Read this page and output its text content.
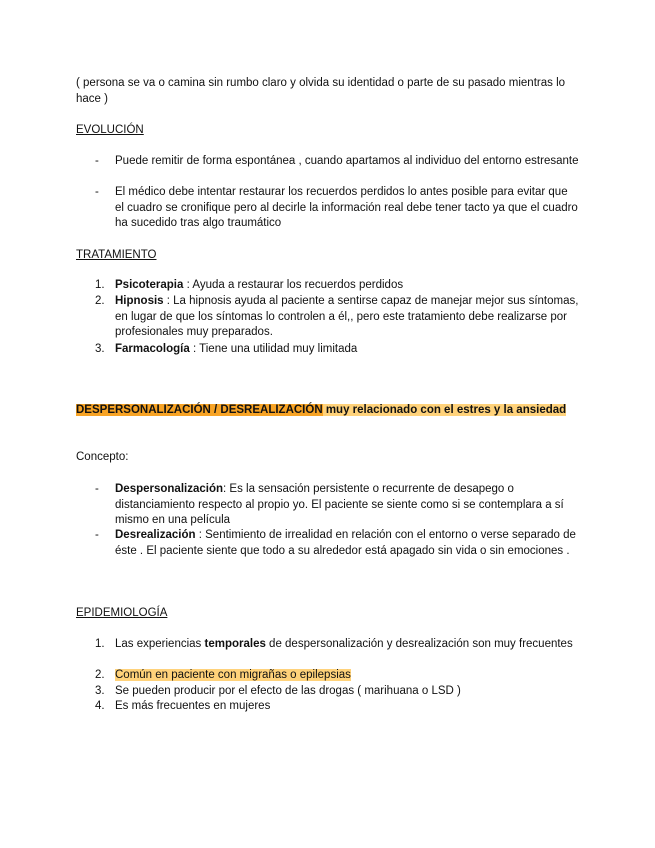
( persona se va o camina sin rumbo claro y olvida su identidad o parte de su pasado mientras lo hace )

EVOLUCIÓN

- Puede remitir de forma espontánea , cuando apartamos al individuo del entorno estresante
- El médico debe intentar restaurar los recuerdos perdidos lo antes posible para evitar que el cuadro se cronifique pero al decirle la información real debe tener tacto ya que el cuadro ha sucedido tras algo traumático

TRATAMIENTO

1. Psicoterapia : Ayuda a restaurar los recuerdos perdidos
2. Hipnosis : La hipnosis ayuda al paciente a sentirse capaz de manejar mejor sus síntomas, en lugar de que los síntomas lo controlen a él,, pero este tratamiento debe realizarse por profesionales muy preparados.
3. Farmacología : Tiene una utilidad muy limitada

DESPERSONALIZACIÓN / DESREALIZACIÓN muy relacionado con el estres y la ansiedad

Concepto:

- Despersonalización: Es la sensación persistente o recurrente de desapego o distanciamiento respecto al propio yo. El paciente se siente como si se contemplara a sí mismo en una película
- Desrealización : Sentimiento de irrealidad en relación con el entorno o verse separado de éste . El paciente siente que todo a su alrededor está apagado sin vida o sin emociones .

EPIDEMIOLOGÍA

1. Las experiencias temporales de despersonalización y desrealización son muy frecuentes
2. Común en paciente con migrañas o epilepsias
3. Se pueden producir por el efecto de las drogas ( marihuana o LSD )
4. Es más frecuentes en mujeres
